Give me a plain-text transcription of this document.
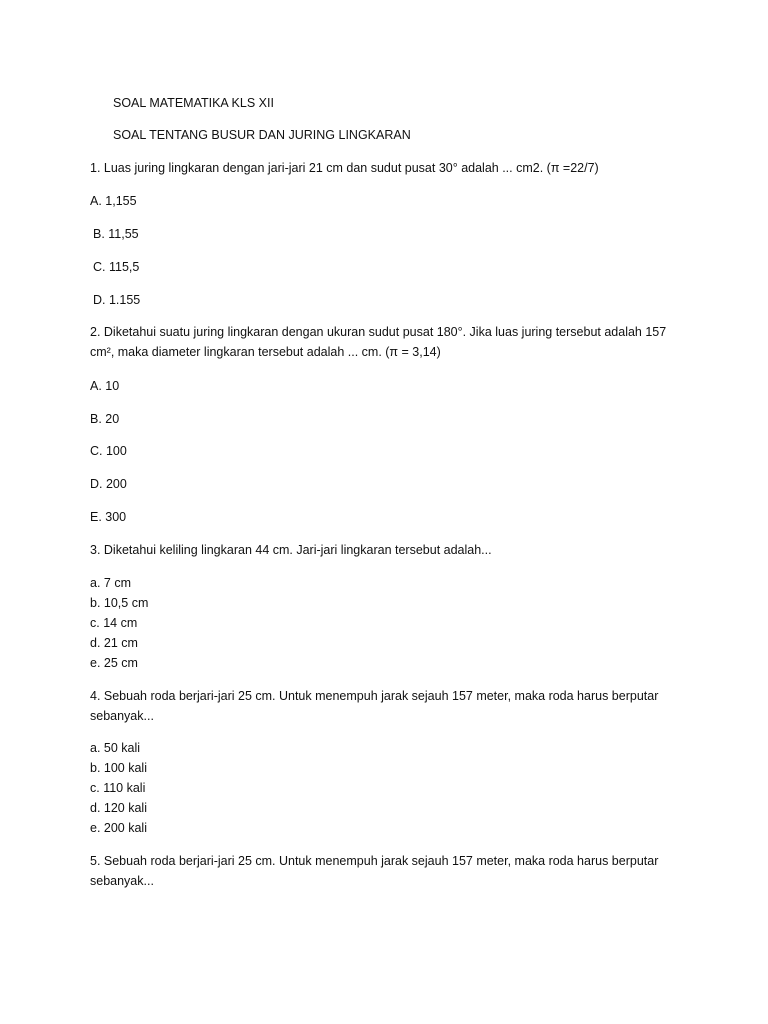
SOAL MATEMATIKA KLS XII
SOAL TENTANG BUSUR DAN JURING LINGKARAN
1. Luas juring lingkaran dengan jari-jari 21 cm dan sudut pusat 30° adalah ... cm2. (π =22/7)
A. 1,155
B. 11,55
C. 115,5
D. 1.155
2. Diketahui suatu juring lingkaran dengan ukuran sudut pusat 180°. Jika luas juring tersebut adalah 157 cm², maka diameter lingkaran tersebut adalah ... cm. (π = 3,14)
A. 10
B. 20
C. 100
D. 200
E. 300
3. Diketahui keliling lingkaran 44 cm. Jari-jari lingkaran tersebut adalah...
a. 7 cm
b. 10,5 cm
c. 14 cm
d. 21 cm
e. 25 cm
4. Sebuah roda berjari-jari 25 cm. Untuk menempuh jarak sejauh 157 meter, maka roda harus berputar sebanyak...
a. 50 kali
b. 100 kali
c. 110 kali
d. 120 kali
e. 200 kali
5. Sebuah roda berjari-jari 25 cm. Untuk menempuh jarak sejauh 157 meter, maka roda harus berputar sebanyak...
